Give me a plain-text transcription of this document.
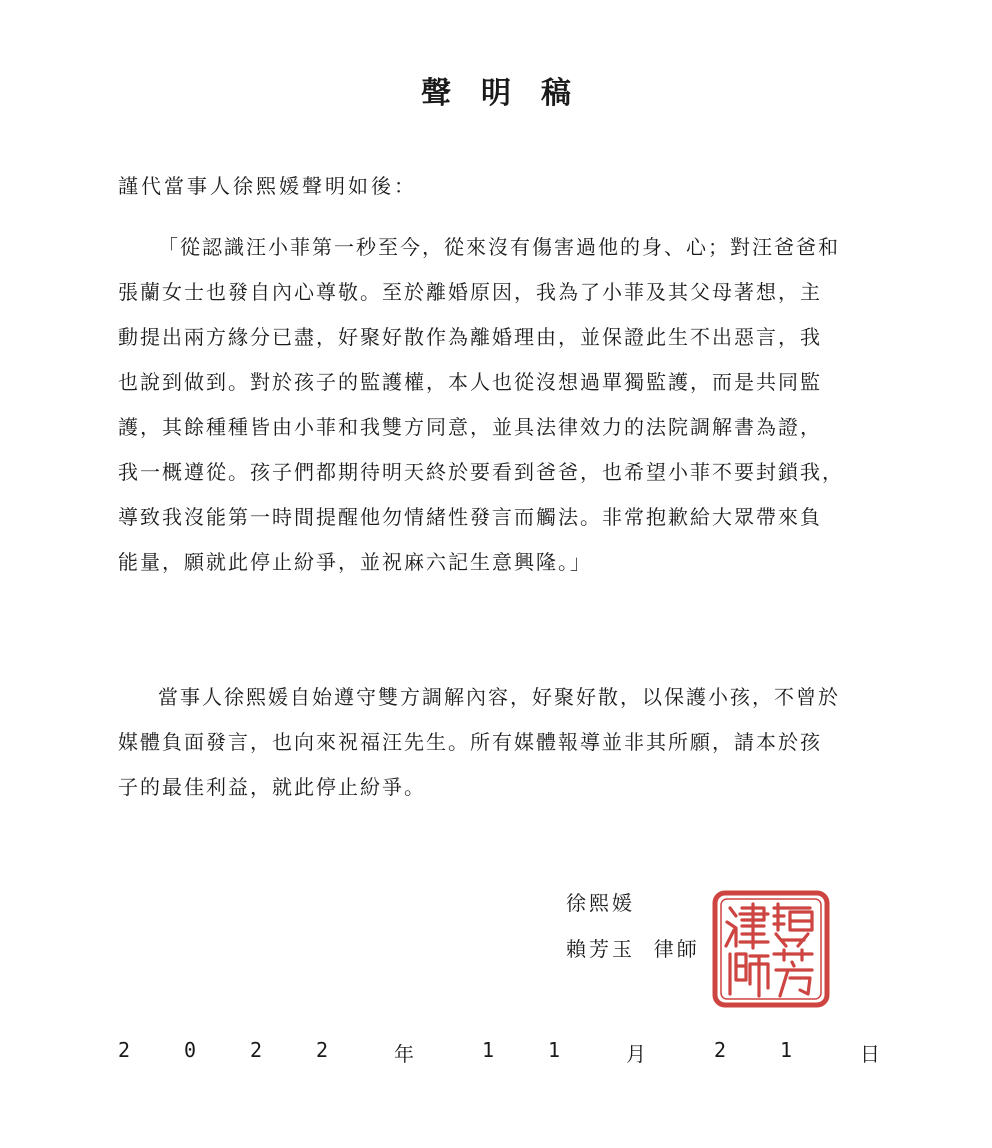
聲明稿
謹代當事人徐熙媛聲明如後：
「從認識汪小菲第一秒至今，從來沒有傷害過他的身、心；對汪爸爸和
張蘭女士也發自內心尊敬。至於離婚原因，我為了小菲及其父母著想，主
動提出兩方緣分已盡，好聚好散作為離婚理由，並保證此生不出惡言，我
也說到做到。對於孩子的監護權，本人也從沒想過單獨監護，而是共同監
護，其餘種種皆由小菲和我雙方同意，並具法律效力的法院調解書為證，
我一概遵從。孩子們都期待明天終於要看到爸爸，也希望小菲不要封鎖我，
導致我沒能第一時間提醒他勿情緒性發言而觸法。非常抱歉給大眾帶來負
能量，願就此停止紛爭，並祝麻六記生意興隆。」
當事人徐熙媛自始遵守雙方調解內容，好聚好散，以保護小孩，不曾於
媒體負面發言，也向來祝福汪先生。所有媒體報導並非其所願，請本於孩
子的最佳利益，就此停止紛爭。
徐熙媛
賴芳玉  律師
2	0	2	2	年	1	1	月	2	1	日
